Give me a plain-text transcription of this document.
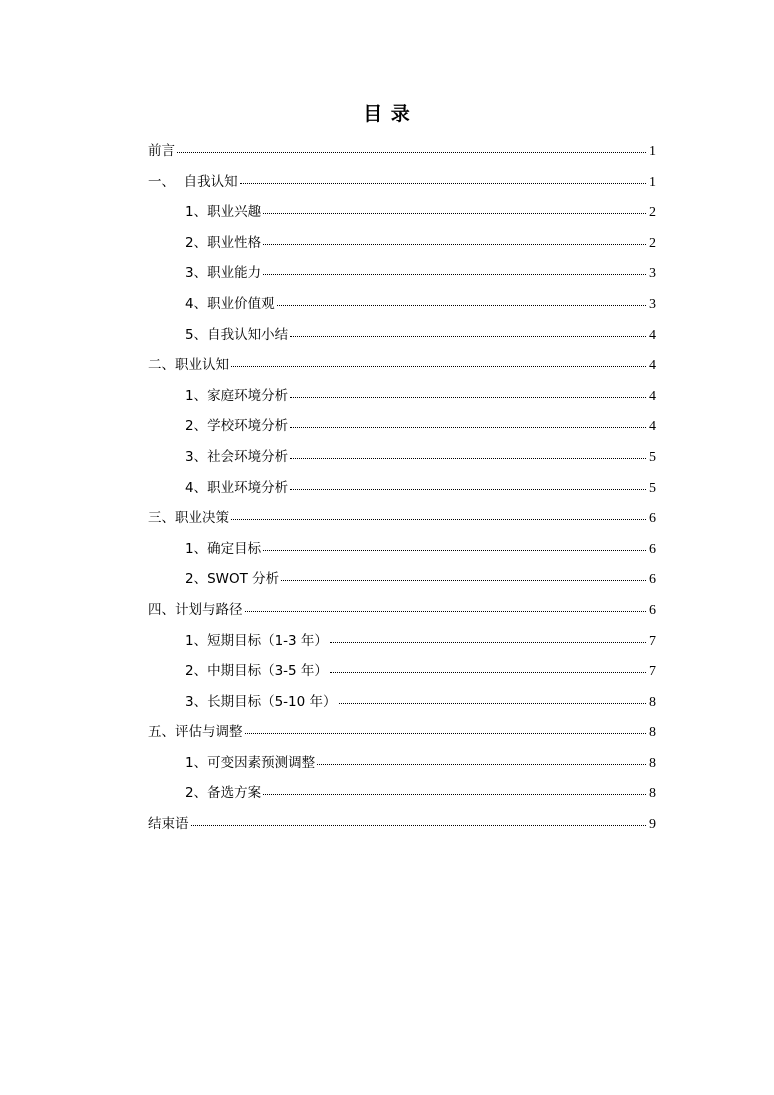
目 录
前言	1
一、  自我认知	1
1、职业兴趣	2
2、职业性格	2
3、职业能力	3
4、职业价值观	3
5、自我认知小结	4
二、职业认知	4
1、家庭环境分析	4
2、学校环境分析	4
3、社会环境分析	5
4、职业环境分析	5
三、职业决策	6
1、确定目标	6
2、SWOT 分析	6
四、计划与路径	6
1、短期目标（1-3 年）	7
2、中期目标（3-5 年）	7
3、长期目标（5-10 年）	8
五、评估与调整	8
1、可变因素预测调整	8
2、备选方案	8
结束语	9
